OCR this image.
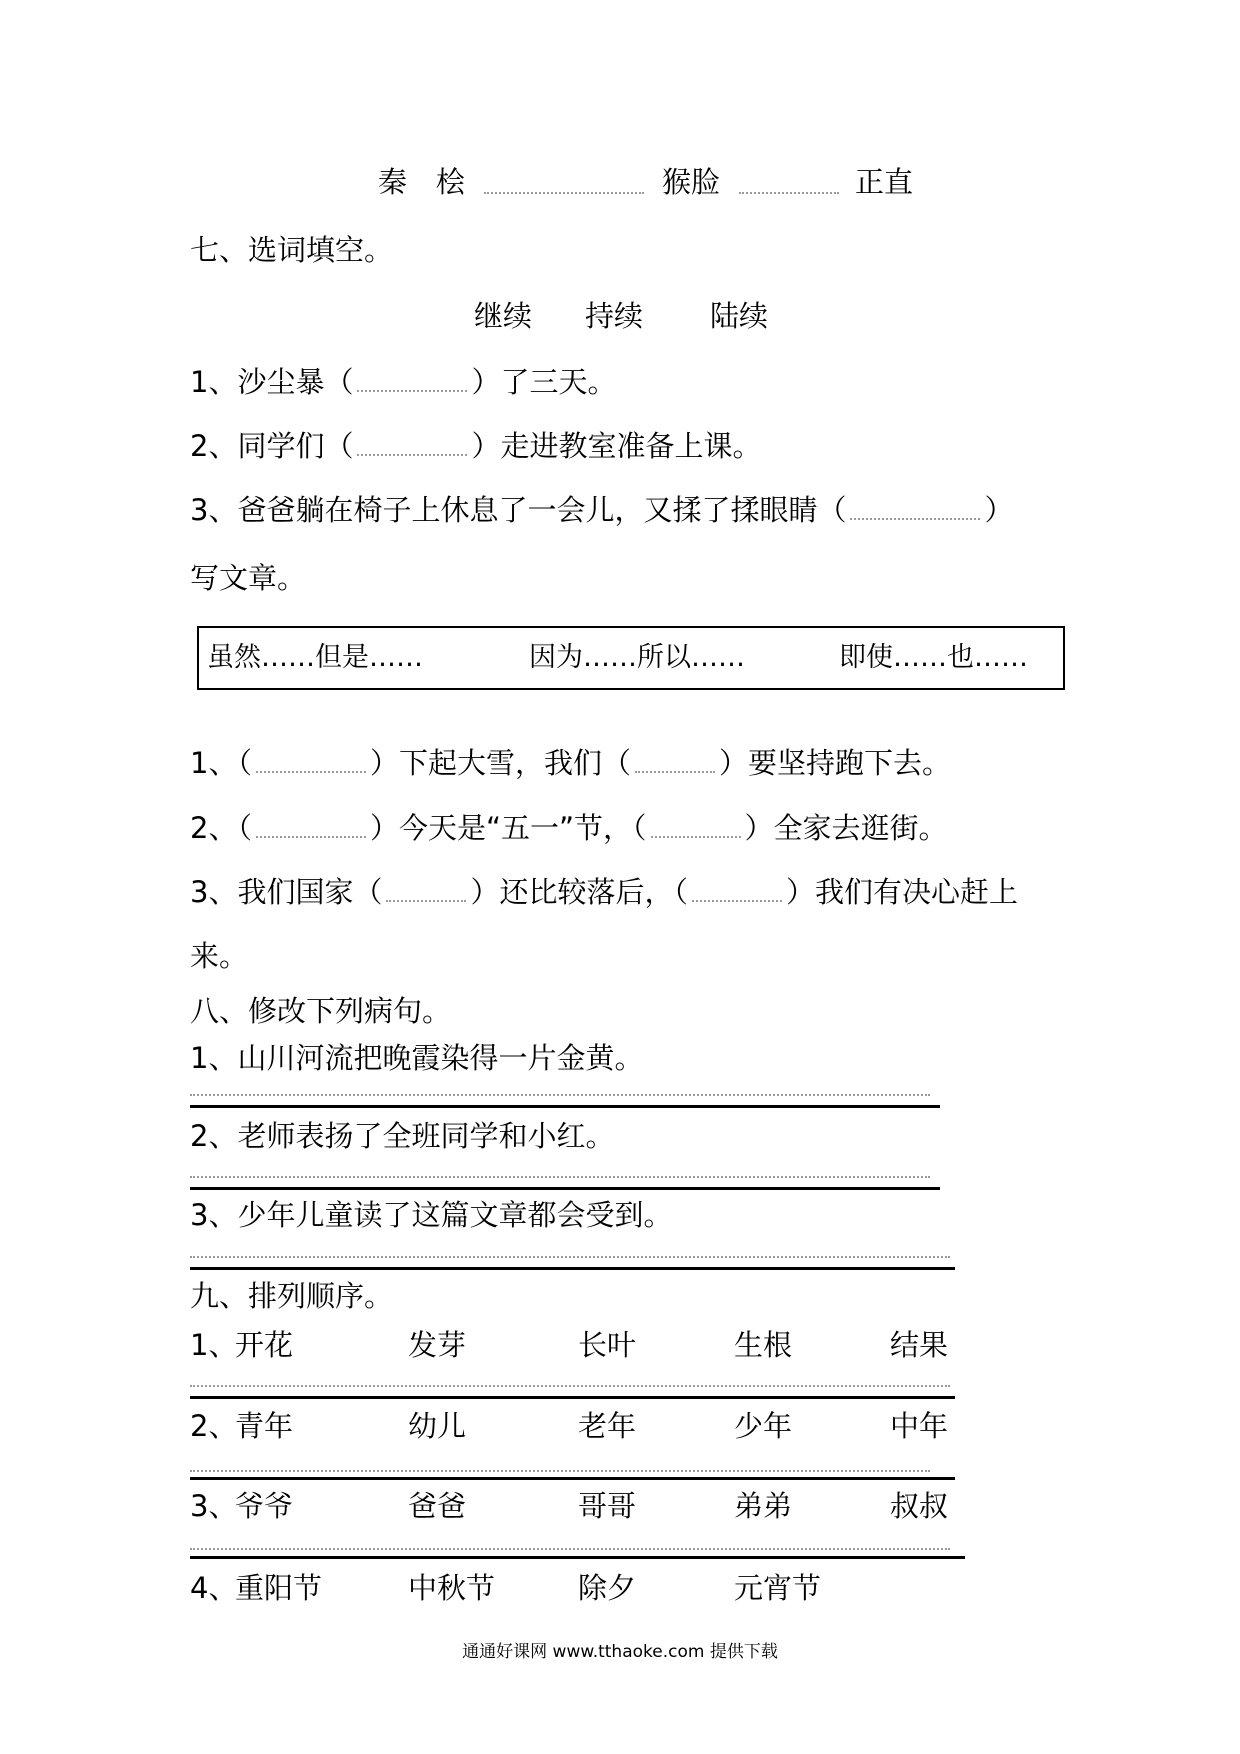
秦　桧	猴脸	正直
七、选词填空。
继续 持续 陆续
1、沙尘暴（	）了三天。
2、同学们（	）走进教室准备上课。
3、爸爸躺在椅子上休息了一会儿，又揉了揉眼睛（	）
写文章。
虽然……但是……	因为……所以……	即使……也……
1、（	）下起大雪，我们（	）要坚持跑下去。
2、（	）今天是“五一”节，（	）全家去逛街。
3、我们国家（	）还比较落后，（	）我们有决心赶上
来。
八、修改下列病句。
1、山川河流把晚霞染得一片金黄。
2、老师表扬了全班同学和小红。
3、少年儿童读了这篇文章都会受到。
九、排列顺序。
1、
开花	发芽	长叶	生根	结果
2、
青年	幼儿	老年	少年	中年
3、
爷爷	爸爸	哥哥	弟弟	叔叔
4、
重阳节	中秋节	除夕	元宵节
通通好课网 www.tthaoke.com 提供下载
